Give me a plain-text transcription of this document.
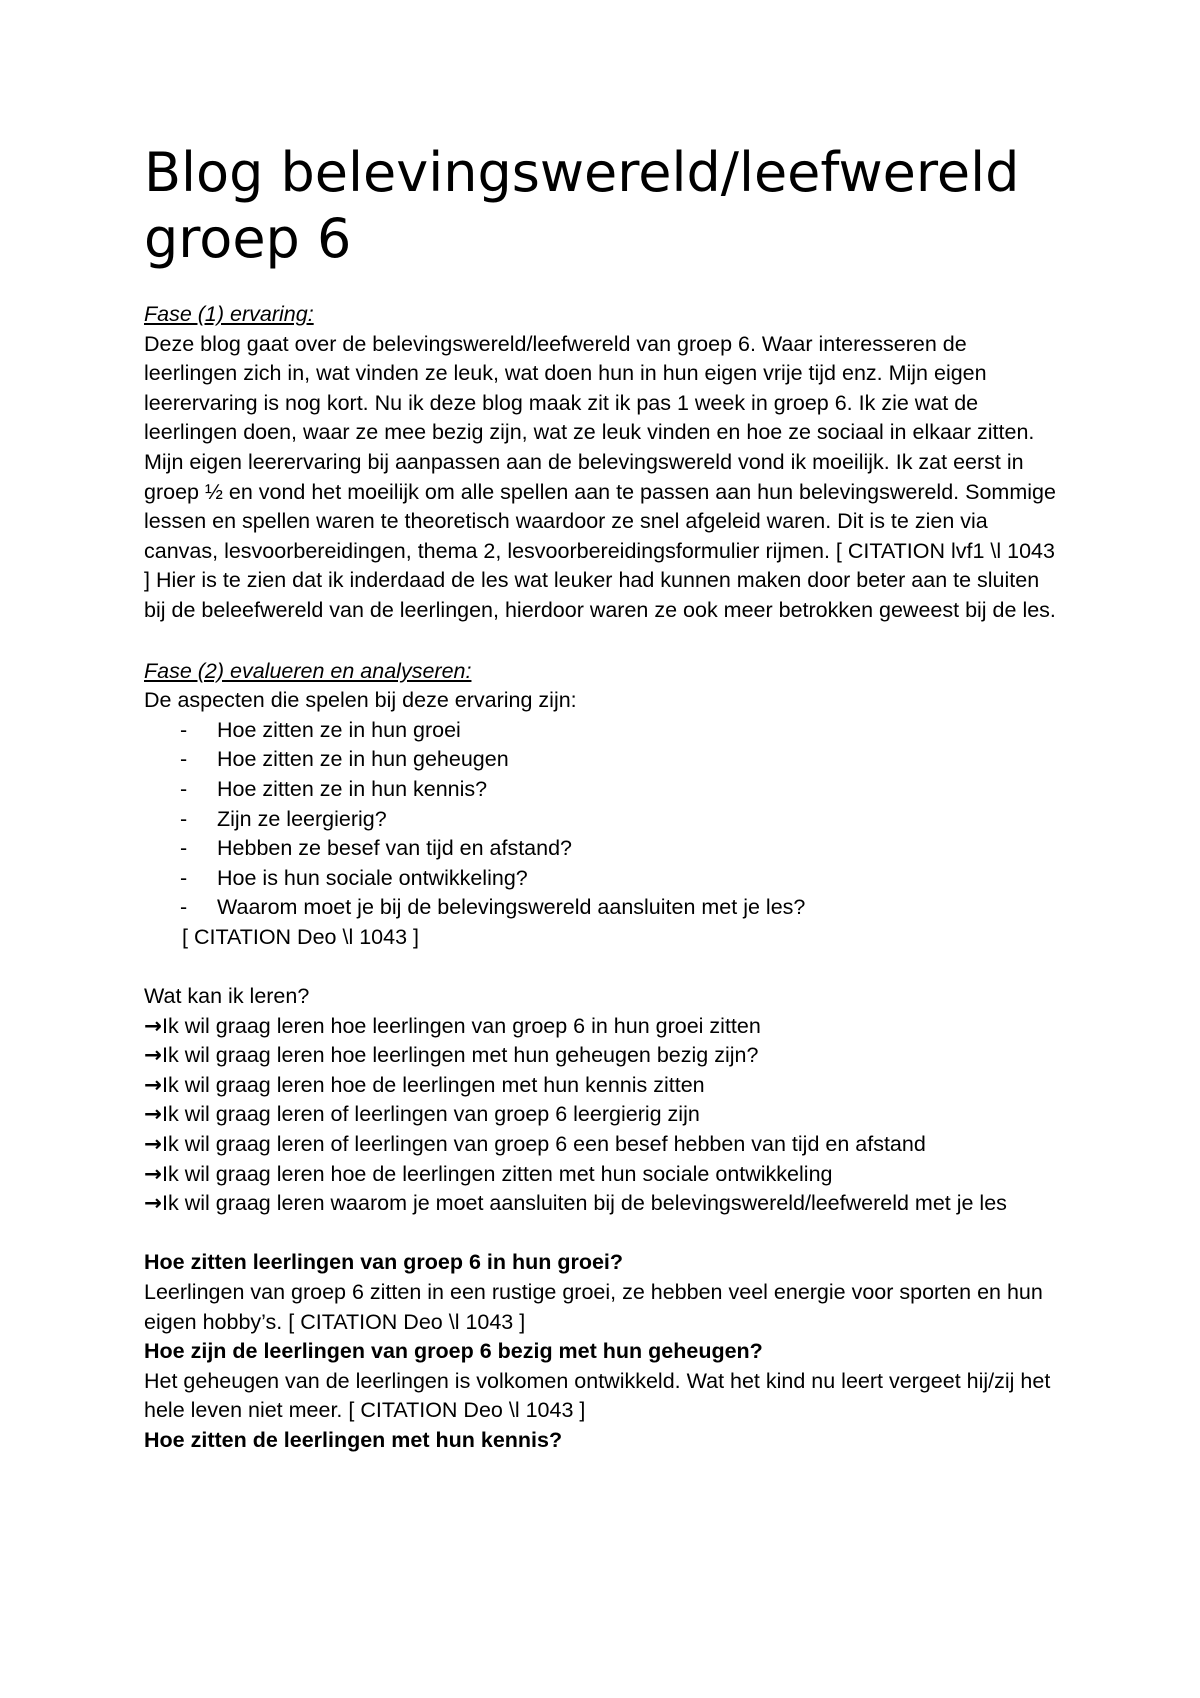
Blog belevingswereld/leefwereld groep 6
Fase (1) ervaring:

Deze blog gaat over de belevingswereld/leefwereld van groep 6. Waar interesseren de leerlingen zich in, wat vinden ze leuk, wat doen hun in hun eigen vrije tijd enz. Mijn eigen leerervaring is nog kort. Nu ik deze blog maak zit ik pas 1 week in groep 6. Ik zie wat de leerlingen doen, waar ze mee bezig zijn, wat ze leuk vinden en hoe ze sociaal in elkaar zitten. Mijn eigen leerervaring bij aanpassen aan de belevingswereld vond ik moeilijk. Ik zat eerst in groep ½ en vond het moeilijk om alle spellen aan te passen aan hun belevingswereld. Sommige lessen en spellen waren te theoretisch waardoor ze snel afgeleid waren. Dit is te zien via canvas, lesvoorbereidingen, thema 2, lesvoorbereidingsformulier rijmen. [ CITATION lvf1 \l 1043 ] Hier is te zien dat ik inderdaad de les wat leuker had kunnen maken door beter aan te sluiten bij de beleefwereld van de leerlingen, hierdoor waren ze ook meer betrokken geweest bij de les.

Fase (2) evalueren en analyseren:
De aspecten die spelen bij deze ervaring zijn:
- Hoe zitten ze in hun groei
- Hoe zitten ze in hun geheugen
- Hoe zitten ze in hun kennis?
- Zijn ze leergierig?
- Hebben ze besef van tijd en afstand?
- Hoe is hun sociale ontwikkeling?
- Waarom moet je bij de belevingswereld aansluiten met je les?
[ CITATION Deo \l 1043 ]
Wat kan ik leren?
→Ik wil graag leren hoe leerlingen van groep 6 in hun groei zitten
→Ik wil graag leren hoe leerlingen met hun geheugen bezig zijn?
→Ik wil graag leren hoe de leerlingen met hun kennis zitten
→Ik wil graag leren of leerlingen van groep 6 leergierig zijn
→Ik wil graag leren of leerlingen van groep 6 een besef hebben van tijd en afstand
→Ik wil graag leren hoe de leerlingen zitten met hun sociale ontwikkeling
→Ik wil graag leren waarom je moet aansluiten bij de belevingswereld/leefwereld met je les
Hoe zitten leerlingen van groep 6 in hun groei?

Leerlingen van groep 6 zitten in een rustige groei, ze hebben veel energie voor sporten en hun eigen hobby’s. [ CITATION Deo \l 1043 ]

Hoe zijn de leerlingen van groep 6 bezig met hun geheugen?

Het geheugen van de leerlingen is volkomen ontwikkeld. Wat het kind nu leert vergeet hij/zij het hele leven niet meer. [ CITATION Deo \l 1043 ]

Hoe zitten de leerlingen met hun kennis?
